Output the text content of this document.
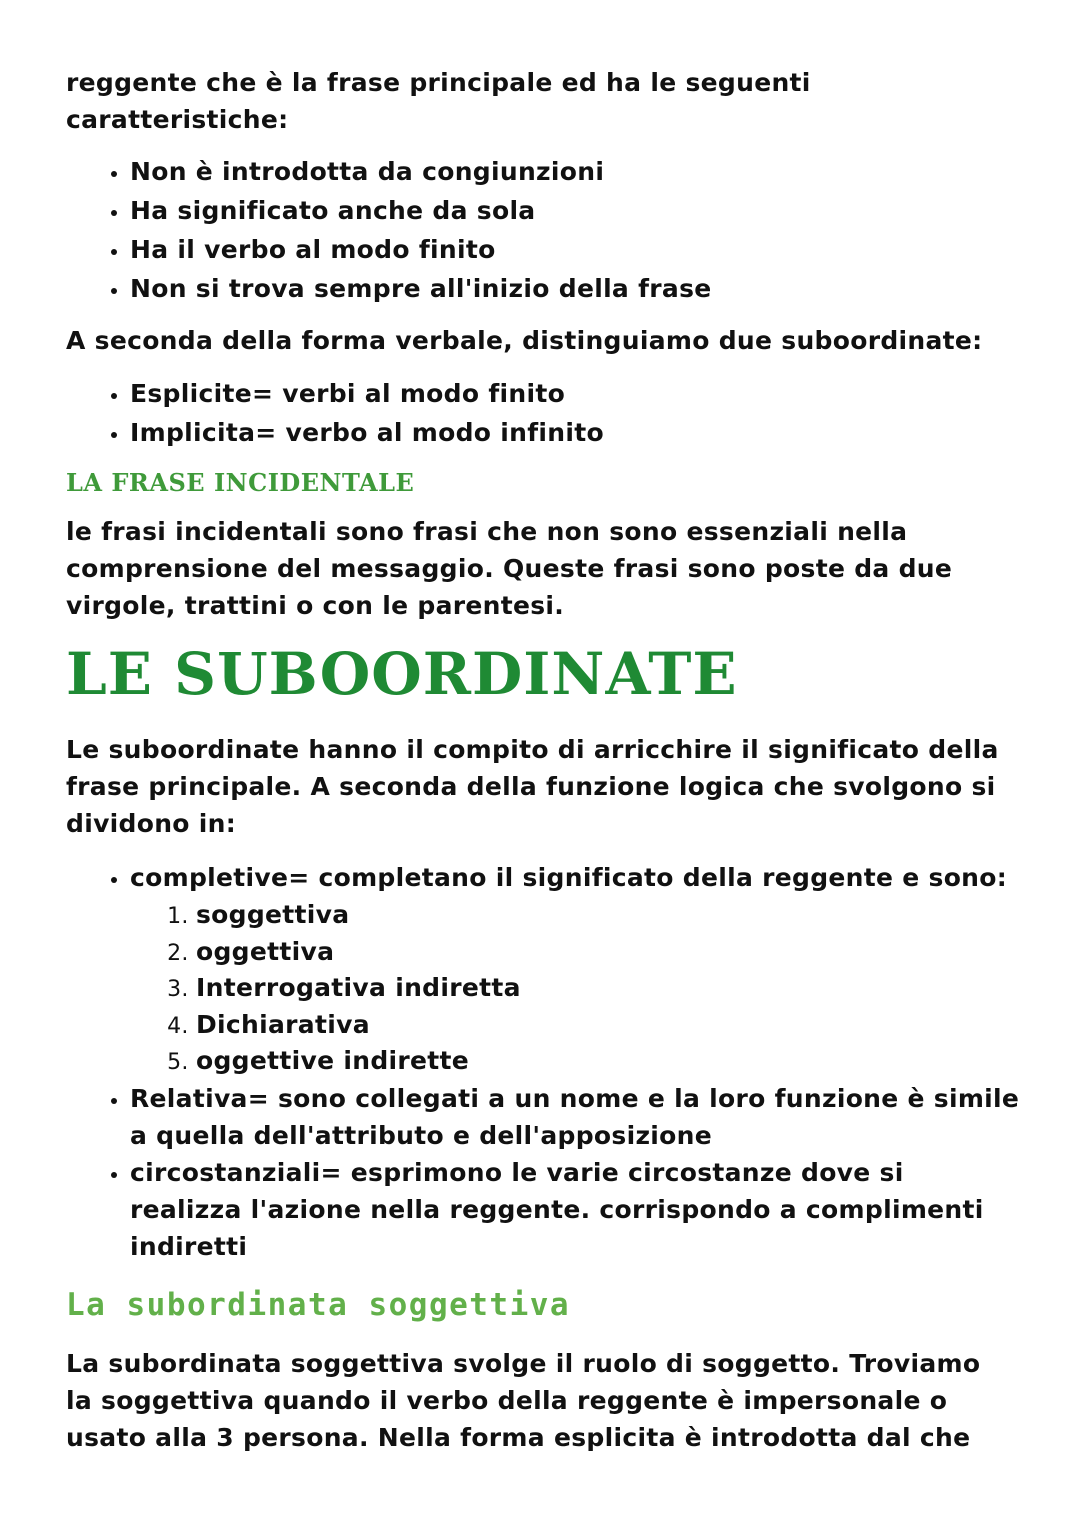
reggente che è la frase principale ed ha le seguenti

caratteristiche:

• Non è introdotta da congiunzioni
• Ha significato anche da sola
• Ha il verbo al modo finito
• Non si trova sempre all'inizio della frase

A seconda della forma verbale, distinguiamo due suboordinate:

• Esplicite= verbi al modo finito
• Implicita= verbo al modo infinito
LA FRASE INCIDENTALE

le frasi incidentali sono frasi che non sono essenziali nella

comprensione del messaggio. Queste frasi sono poste da due

virgole, trattini o con le parentesi.

LE SUBOORDINATE

Le suboordinate hanno il compito di arricchire il significato della

frase principale. A seconda della funzione logica che svolgono si

dividono in:

• completive= completano il significato della reggente e sono:
1. soggettiva
2. oggettiva
3. Interrogativa indiretta
4. Dichiarativa
5. oggettive indirette

• Relativa= sono collegati a un nome e la loro funzione è simile

a quella dell'attributo e dell'apposizione

• circostanziali= esprimono le varie circostanze dove si

realizza l'azione nella reggente. corrispondo a complimenti

indiretti

La subordinata soggettiva

La subordinata soggettiva svolge il ruolo di soggetto. Troviamo

la soggettiva quando il verbo della reggente è impersonale o

usato alla 3 persona. Nella forma esplicita è introdotta dal che
